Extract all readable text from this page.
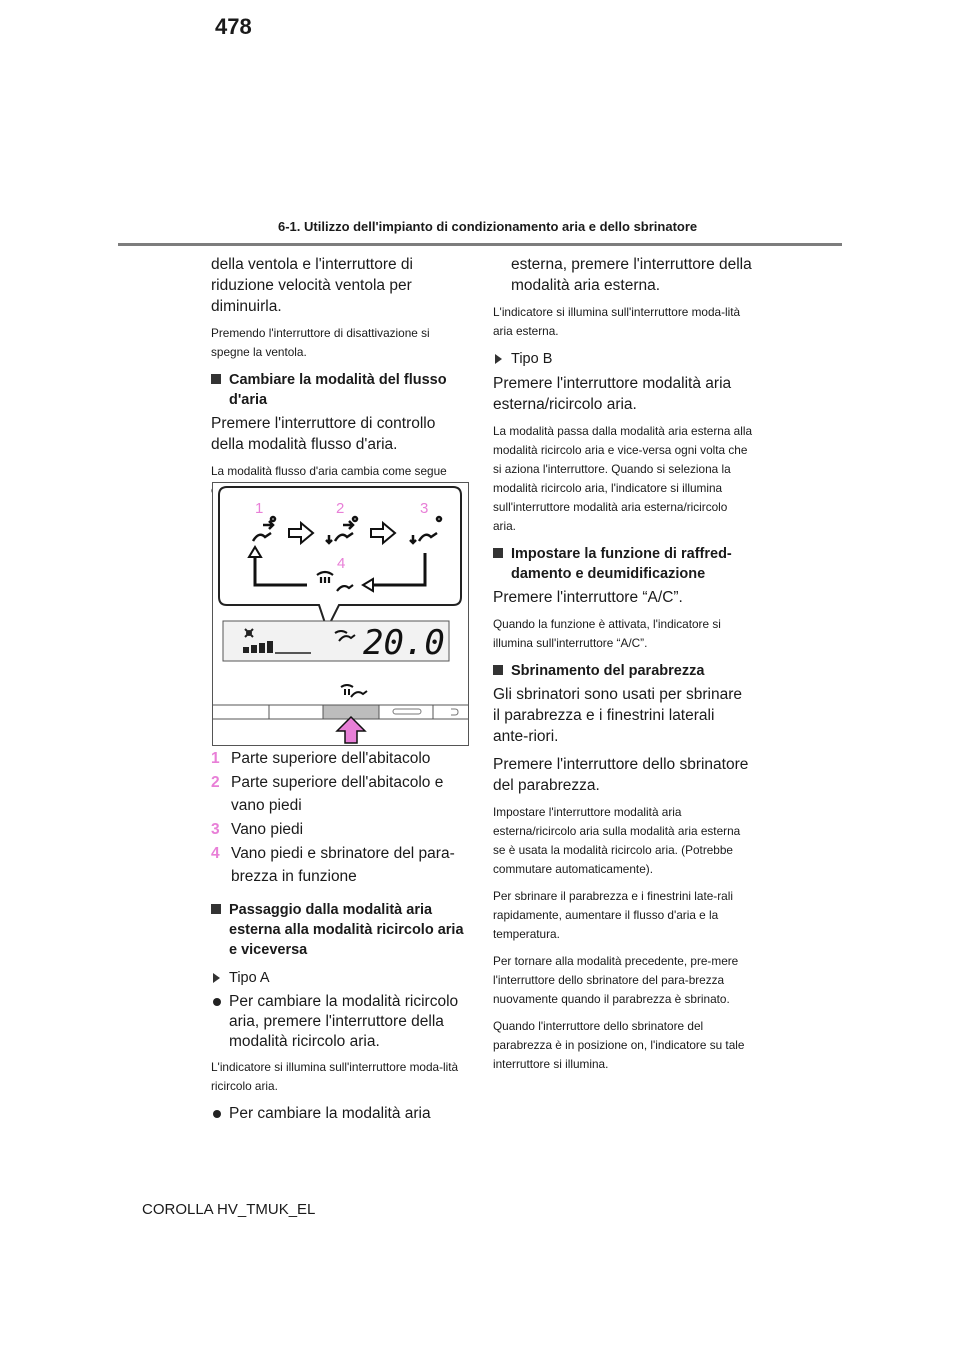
478
6-1. Utilizzo dell'impianto di condizionamento aria e dello sbrinatore

della ventola e l'interruttore di riduzione velocità ventola per diminuirla.

Premendo l'interruttore di disattivazione si spegne la ventola.

Cambiare la modalità del flusso d'aria

Premere l'interruttore di controllo della modalità flusso d'aria.

La modalità flusso d'aria cambia come segue

1	2	3
4
20.0
1 Parte superiore dell'abitacolo
2 Parte superiore dell'abitacolo e vano piedi
3 Vano piedi
4 Vano piedi e sbrinatore del para-brezza in funzione
Passaggio dalla modalità aria esterna alla modalità ricircolo aria e viceversa
Tipo A
Per cambiare la modalità ricircolo aria, premere l'interruttore della modalità ricircolo aria.

L'indicatore si illumina sull'interruttore moda-lità ricircolo aria.

Per cambiare la modalità aria

esterna, premere l'interruttore della modalità aria esterna.

L'indicatore si illumina sull'interruttore moda-lità aria esterna.

Tipo B

Premere l'interruttore modalità aria esterna/ricircolo aria.

La modalità passa dalla modalità aria esterna alla modalità ricircolo aria e vice-versa ogni volta che si aziona l'interruttore. Quando si seleziona la modalità ricircolo aria, l'indicatore si illumina sull'interruttore modalità aria esterna/ricircolo aria.

Impostare la funzione di raffred-damento e deumidificazione

Premere l'interruttore “A/C”.

Quando la funzione è attivata, l'indicatore si illumina sull'interruttore “A/C”.

Sbrinamento del parabrezza

Gli sbrinatori sono usati per sbrinare il parabrezza e i finestrini laterali ante-riori.

Premere l'interruttore dello sbrinatore del parabrezza.

Impostare l'interruttore modalità aria esterna/ricircolo aria sulla modalità aria esterna se è usata la modalità ricircolo aria. (Potrebbe commutare automaticamente).

Per sbrinare il parabrezza e i finestrini late-rali rapidamente, aumentare il flusso d'aria e la temperatura.

Per tornare alla modalità precedente, pre-mere l'interruttore dello sbrinatore del para-brezza nuovamente quando il parabrezza è sbrinato.

Quando l'interruttore dello sbrinatore del parabrezza è in posizione on, l'indicatore su tale interruttore si illumina.

COROLLA HV_TMUK_EL
